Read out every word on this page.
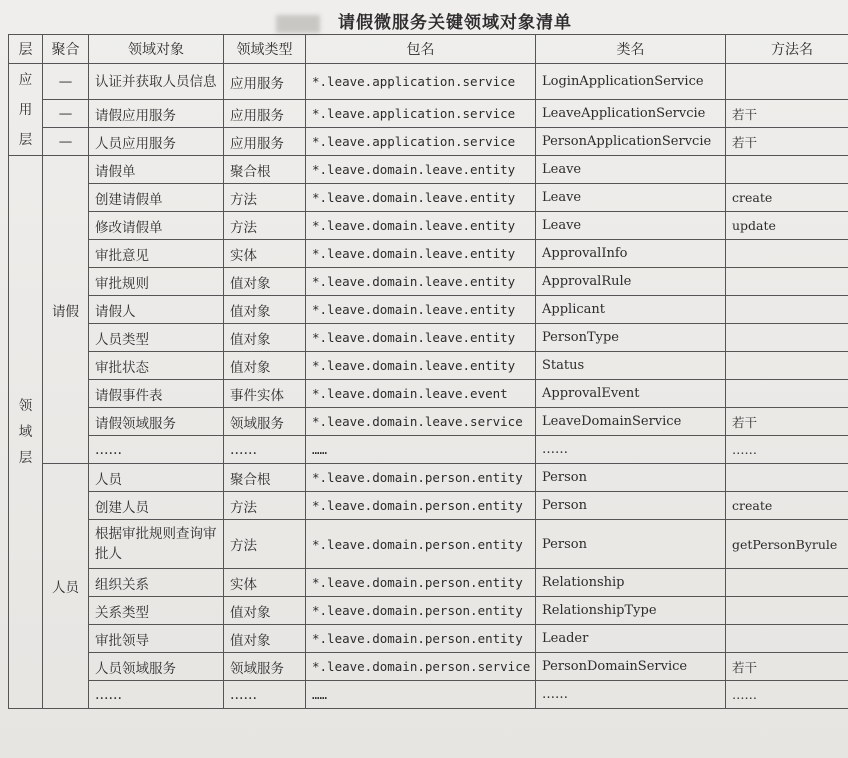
请假微服务关键领域对象清单
层	聚合	领域对象	领域类型	包名	类名	方法名
应用层	—	认证并获取人员信息	应用服务	*.leave.application.service	LoginApplicationService	
	—	请假应用服务	应用服务	*.leave.application.service	LeaveApplicationServcie	若干
	—	人员应用服务	应用服务	*.leave.application.service	PersonApplicationServcie	若干
领域层	请假	请假单	聚合根	*.leave.domain.leave.entity	Leave	
		创建请假单	方法	*.leave.domain.leave.entity	Leave	create
		修改请假单	方法	*.leave.domain.leave.entity	Leave	update
		审批意见	实体	*.leave.domain.leave.entity	ApprovalInfo	
		审批规则	值对象	*.leave.domain.leave.entity	ApprovalRule	
		请假人	值对象	*.leave.domain.leave.entity	Applicant	
		人员类型	值对象	*.leave.domain.leave.entity	PersonType	
		审批状态	值对象	*.leave.domain.leave.entity	Status	
		请假事件表	事件实体	*.leave.domain.leave.event	ApprovalEvent	
		请假领域服务	领域服务	*.leave.domain.leave.service	LeaveDomainService	若干
		……	……	……	……	……
	人员	人员	聚合根	*.leave.domain.person.entity	Person	
		创建人员	方法	*.leave.domain.person.entity	Person	create
		根据审批规则查询审批人	方法	*.leave.domain.person.entity	Person	getPersonByrule
		组织关系	实体	*.leave.domain.person.entity	Relationship	
		关系类型	值对象	*.leave.domain.person.entity	RelationshipType	
		审批领导	值对象	*.leave.domain.person.entity	Leader	
		人员领域服务	领域服务	*.leave.domain.person.service	PersonDomainService	若干
		……	……	……	……	……
